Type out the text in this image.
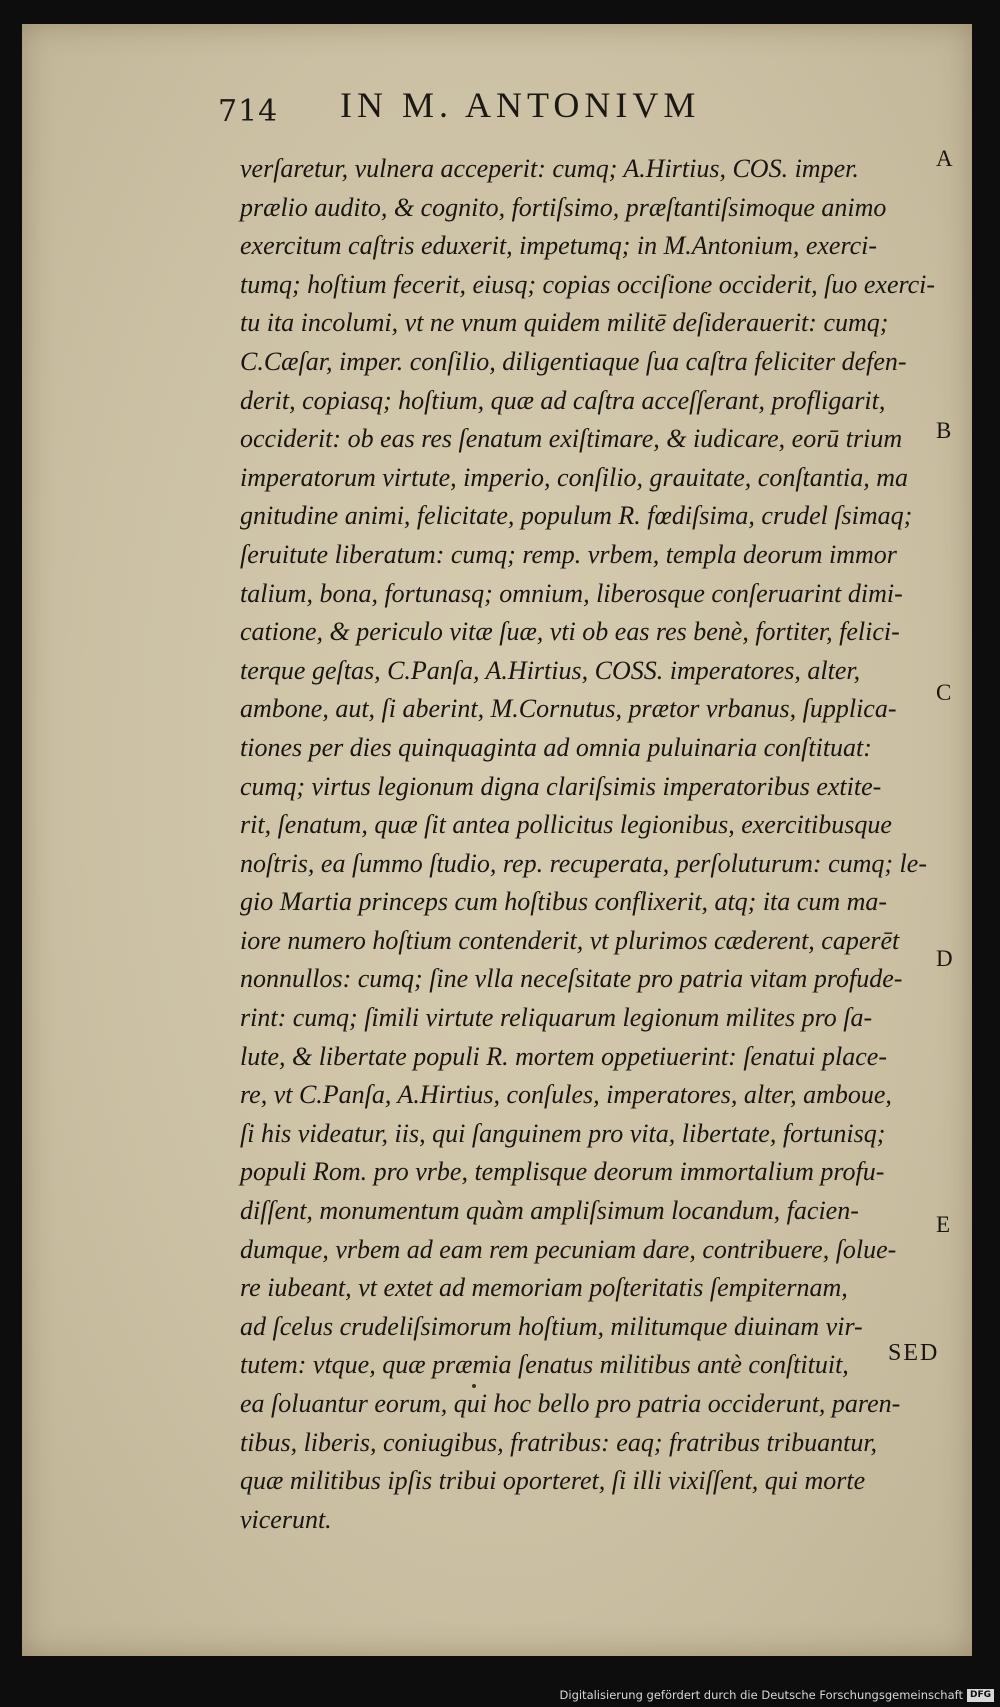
714 IN M. ANTONIVM
verſaretur, vulnera acceperit: cumq; A.Hirtius, COS. imper.
prælio audito, & cognito, fortiſsimo, præſtantiſsimoque animo
exercitum caſtris eduxerit, impetumq; in M.Antonium, exerci-
tumq; hoſtium fecerit, eiusq; copias occiſione occiderit, ſuo exerci-
tu ita incolumi, vt ne vnum quidem militē deſiderauerit: cumq;
C.Cæſar, imper. conſilio, diligentiaque ſua caſtra feliciter defen-
derit, copiasq; hoſtium, quæ ad caſtra acceſſerant, profligarit,
occiderit: ob eas res ſenatum exiſtimare, & iudicare, eorū trium
imperatorum virtute, imperio, conſilio, grauitate, conſtantia, ma
gnitudine animi, felicitate, populum R. fœdiſsima, crudel ſsimaq;
ſeruitute liberatum: cumq; remp. vrbem, templa deorum immor
talium, bona, fortunasq; omnium, liberosque conſeruarint dimi-
catione, & periculo vitæ ſuæ, vti ob eas res benè, fortiter, felici-
terque geſtas, C.Panſa, A.Hirtius, COSS. imperatores, alter,
ambone, aut, ſi aberint, M.Cornutus, prætor vrbanus, ſupplica-
tiones per dies quinquaginta ad omnia puluinaria conſtituat:
cumq; virtus legionum digna clariſsimis imperatoribus extite-
rit, ſenatum, quæ ſit antea pollicitus legionibus, exercitibusque
noſtris, ea ſummo ſtudio, rep. recuperata, perſoluturum: cumq; le-
gio Martia princeps cum hoſtibus conflixerit, atq; ita cum ma-
iore numero hoſtium contenderit, vt plurimos cæderent, caperēt
nonnullos: cumq; ſine vlla neceſsitate pro patria vitam profude-
rint: cumq; ſimili virtute reliquarum legionum milites pro ſa-
lute, & libertate populi R. mortem oppetiuerint: ſenatui place-
re, vt C.Panſa, A.Hirtius, conſules, imperatores, alter, amboue,
ſi his videatur, iis, qui ſanguinem pro vita, libertate, fortunisq;
populi Rom. pro vrbe, templisque deorum immortalium profu-
diſſent, monumentum quàm ampliſsimum locandum, facien-
dumque, vrbem ad eam rem pecuniam dare, contribuere, ſolue-
re iubeant, vt extet ad memoriam poſteritatis ſempiternam,
ad ſcelus crudeliſsimorum hoſtium, militumque diuinam vir-
tutem: vtque, quæ præmia ſenatus militibus antè conſtituit,
ea ſoluantur eorum, qui hoc bello pro patria occiderunt, paren-
tibus, liberis, coniugibus, fratribus: eaq; fratribus tribuantur,
quæ militibus ipſis tribui oporteret, ſi illi vixiſſent, qui morte
vicerunt.
A
B
C
D
E
SED
Digitalisierung gefördert durch die Deutsche Forschungsgemeinschaft DFG
